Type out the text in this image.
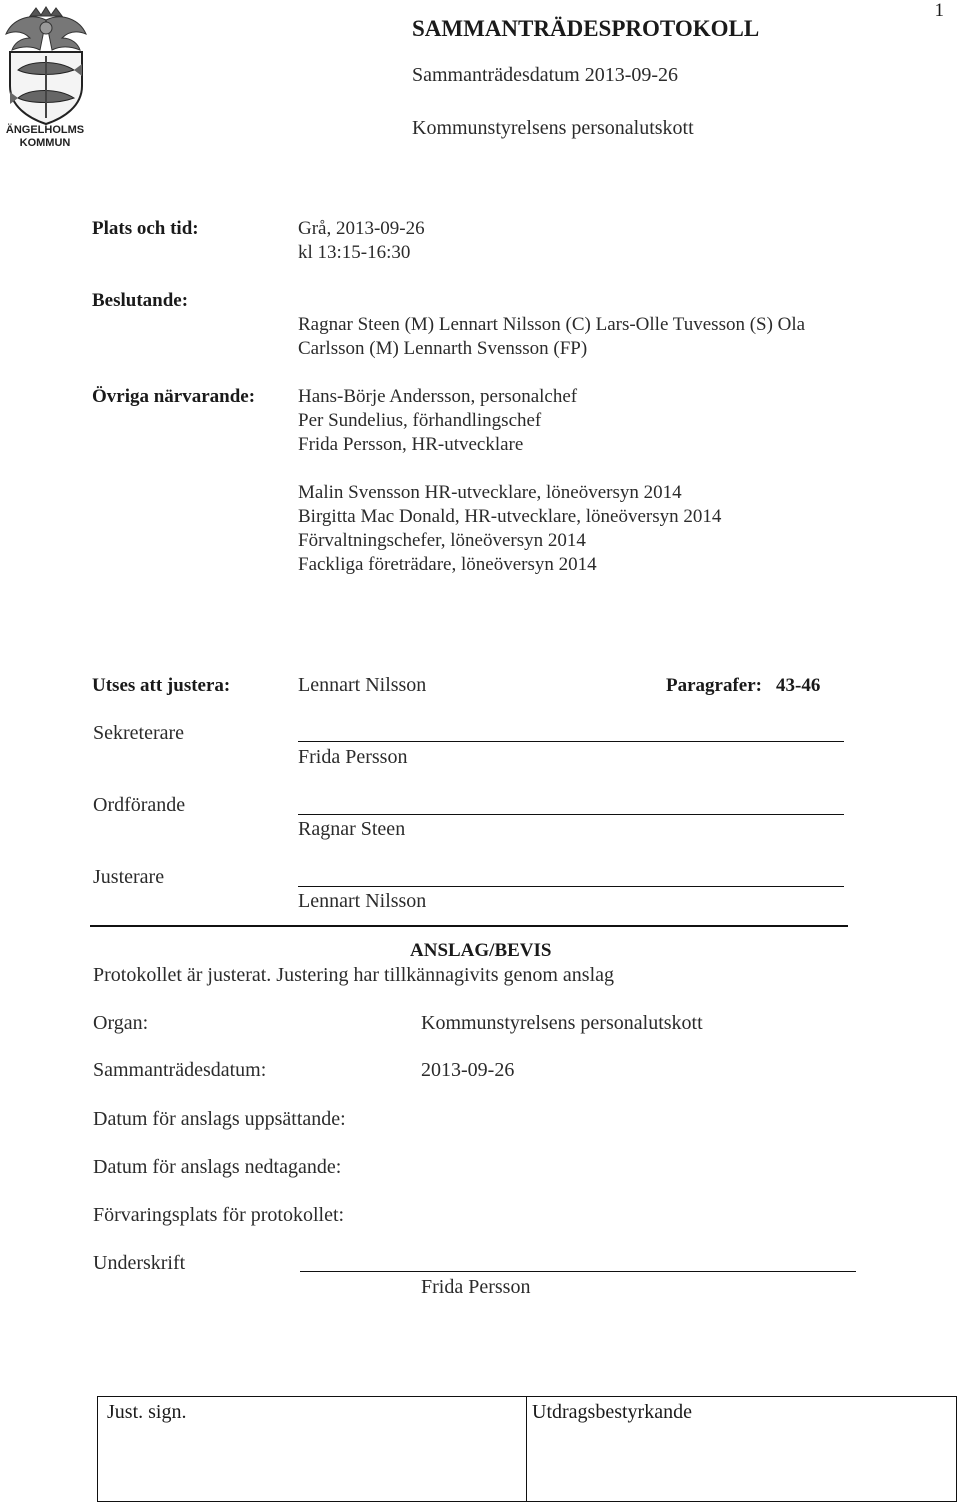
1
ÄNGELHOLMS
KOMMUN
SAMMANTRÄDESPROTOKOLL
Sammanträdesdatum 2013-09-26
Kommunstyrelsens personalutskott
Plats och tid:	Grå, 2013-09-26
kl 13:15-16:30
Beslutande:
Ragnar Steen (M) Lennart Nilsson (C) Lars-Olle Tuvesson (S) Ola
Carlsson (M) Lennarth Svensson (FP)
Övriga närvarande: Hans-Börje Andersson, personalchef
Per Sundelius, förhandlingschef
Frida Persson, HR-utvecklare
Malin Svensson HR-utvecklare, löneöversyn 2014
Birgitta Mac Donald, HR-utvecklare, löneöversyn 2014
Förvaltningschefer, löneöversyn 2014
Fackliga företrädare, löneöversyn 2014
Utses att justera:	Lennart Nilsson	Paragrafer: 43-46
Sekreterare
Frida Persson
Ordförande
Ragnar Steen
Justerare
Lennart Nilsson
ANSLAG/BEVIS
Protokollet är justerat. Justering har tillkännagivits genom anslag
Organ:	Kommunstyrelsens personalutskott
Sammanträdesdatum:	2013-09-26
Datum för anslags uppsättande:
Datum för anslags nedtagande:
Förvaringsplats för protokollet:
Underskrift
Frida Persson
Just. sign.	Utdragsbestyrkande
